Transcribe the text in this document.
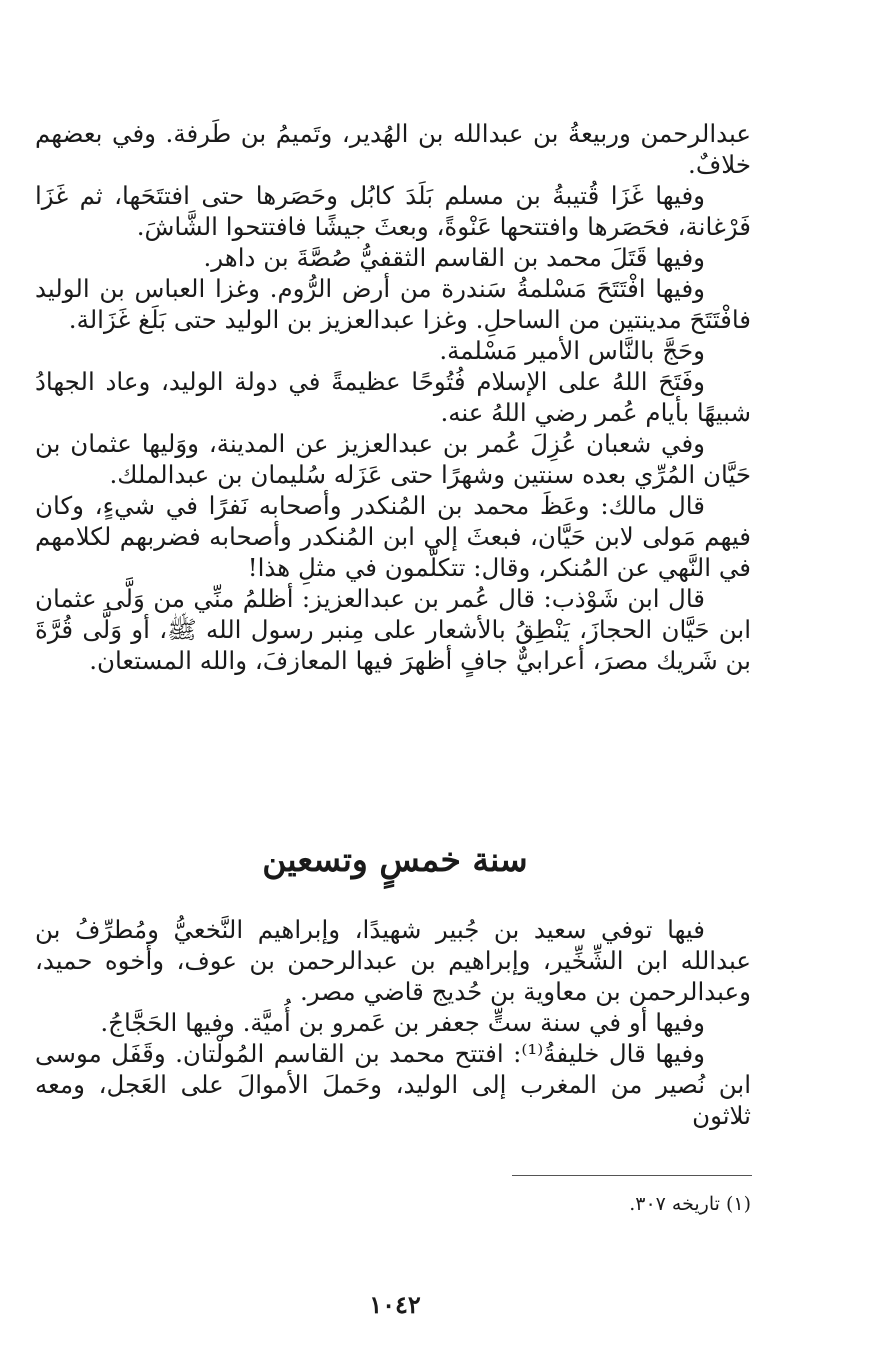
عبدالرحمن وربيعةُ بن عبدالله بن الهُدير، وتَميمُ بن طَرفة. وفي بعضهم خلافٌ.

وفيها غَزَا قُتيبةُ بن مسلم بَلَدَ كابُل وحَصَرها حتى افتتَحَها، ثم غَزَا فَرْغانة، فحَصَرها وافتتحها عَنْوةً، وبعثَ جيشًا فافتتحوا الشَّاشَ.

وفيها قَتَلَ محمد بن القاسم الثقفيُّ صُصَّةَ بن داهر.

وفيها افْتَتَحَ مَسْلمةُ سَندرة من أرض الرُّوم. وغزا العباس بن الوليد فافْتَتَحَ مدينتين من الساحلِ. وغزا عبدالعزيز بن الوليد حتى بَلَغ غَزَالة.

وحَجَّ بالنَّاس الأمير مَسْلمة.

وفَتَحَ اللهُ على الإسلام فُتُوحًا عظيمةً في دولة الوليد، وعاد الجهادُ شبيهًا بأيام عُمر رضي اللهُ عنه.

وفي شعبان عُزِلَ عُمر بن عبدالعزيز عن المدينة، ووَليها عثمان بن حَيَّان المُرِّي بعده سنتين وشهرًا حتى عَزَله سُليمان بن عبدالملك.

قال مالك: وعَظَ محمد بن المُنكدر وأصحابه نَفرًا في شيءٍ، وكان فيهم مَولى لابن حَيَّان، فبعثَ إلي ابن المُنكدر وأصحابه فضربهم لكلامهم في النَّهي عن المُنكر، وقال: تتكلَّمون في مثلِ هذا!

قال ابن شَوْذب: قال عُمر بن عبدالعزيز: أظلمُ منِّي من وَلَّى عثمان ابن حَيَّان الحجازَ، يَنْطِقُ بالأشعار على مِنبر رسول الله ﷺ، أو وَلَّى قُرَّةَ بن شَريك مصرَ، أعرابيٌّ جافٍ أظهرَ فيها المعازفَ، والله المستعان.

سنة خمسٍ وتسعين

فيها توفي سعيد بن جُبير شهيدًا، وإبراهيم النَّخعيُّ ومُطرِّفُ بن عبدالله ابن الشِّخِّير، وإبراهيم بن عبدالرحمن بن عوف، وأخوه حميد، وعبدالرحمن بن معاوية بن حُديج قاضي مصر.

وفيها أو في سنة ستٍّ جعفر بن عَمرو بن أُميَّة. وفيها الحَجَّاجُ.

وفيها قال خليفةُ⁽¹⁾: افتتح محمد بن القاسم المُولْتان. وقَفَل موسى ابن نُصير من المغرب إلى الوليد، وحَملَ الأموالَ على العَجل، ومعه ثلاثون

(١) تاريخه ٣٠٧.
١٠٤٢
